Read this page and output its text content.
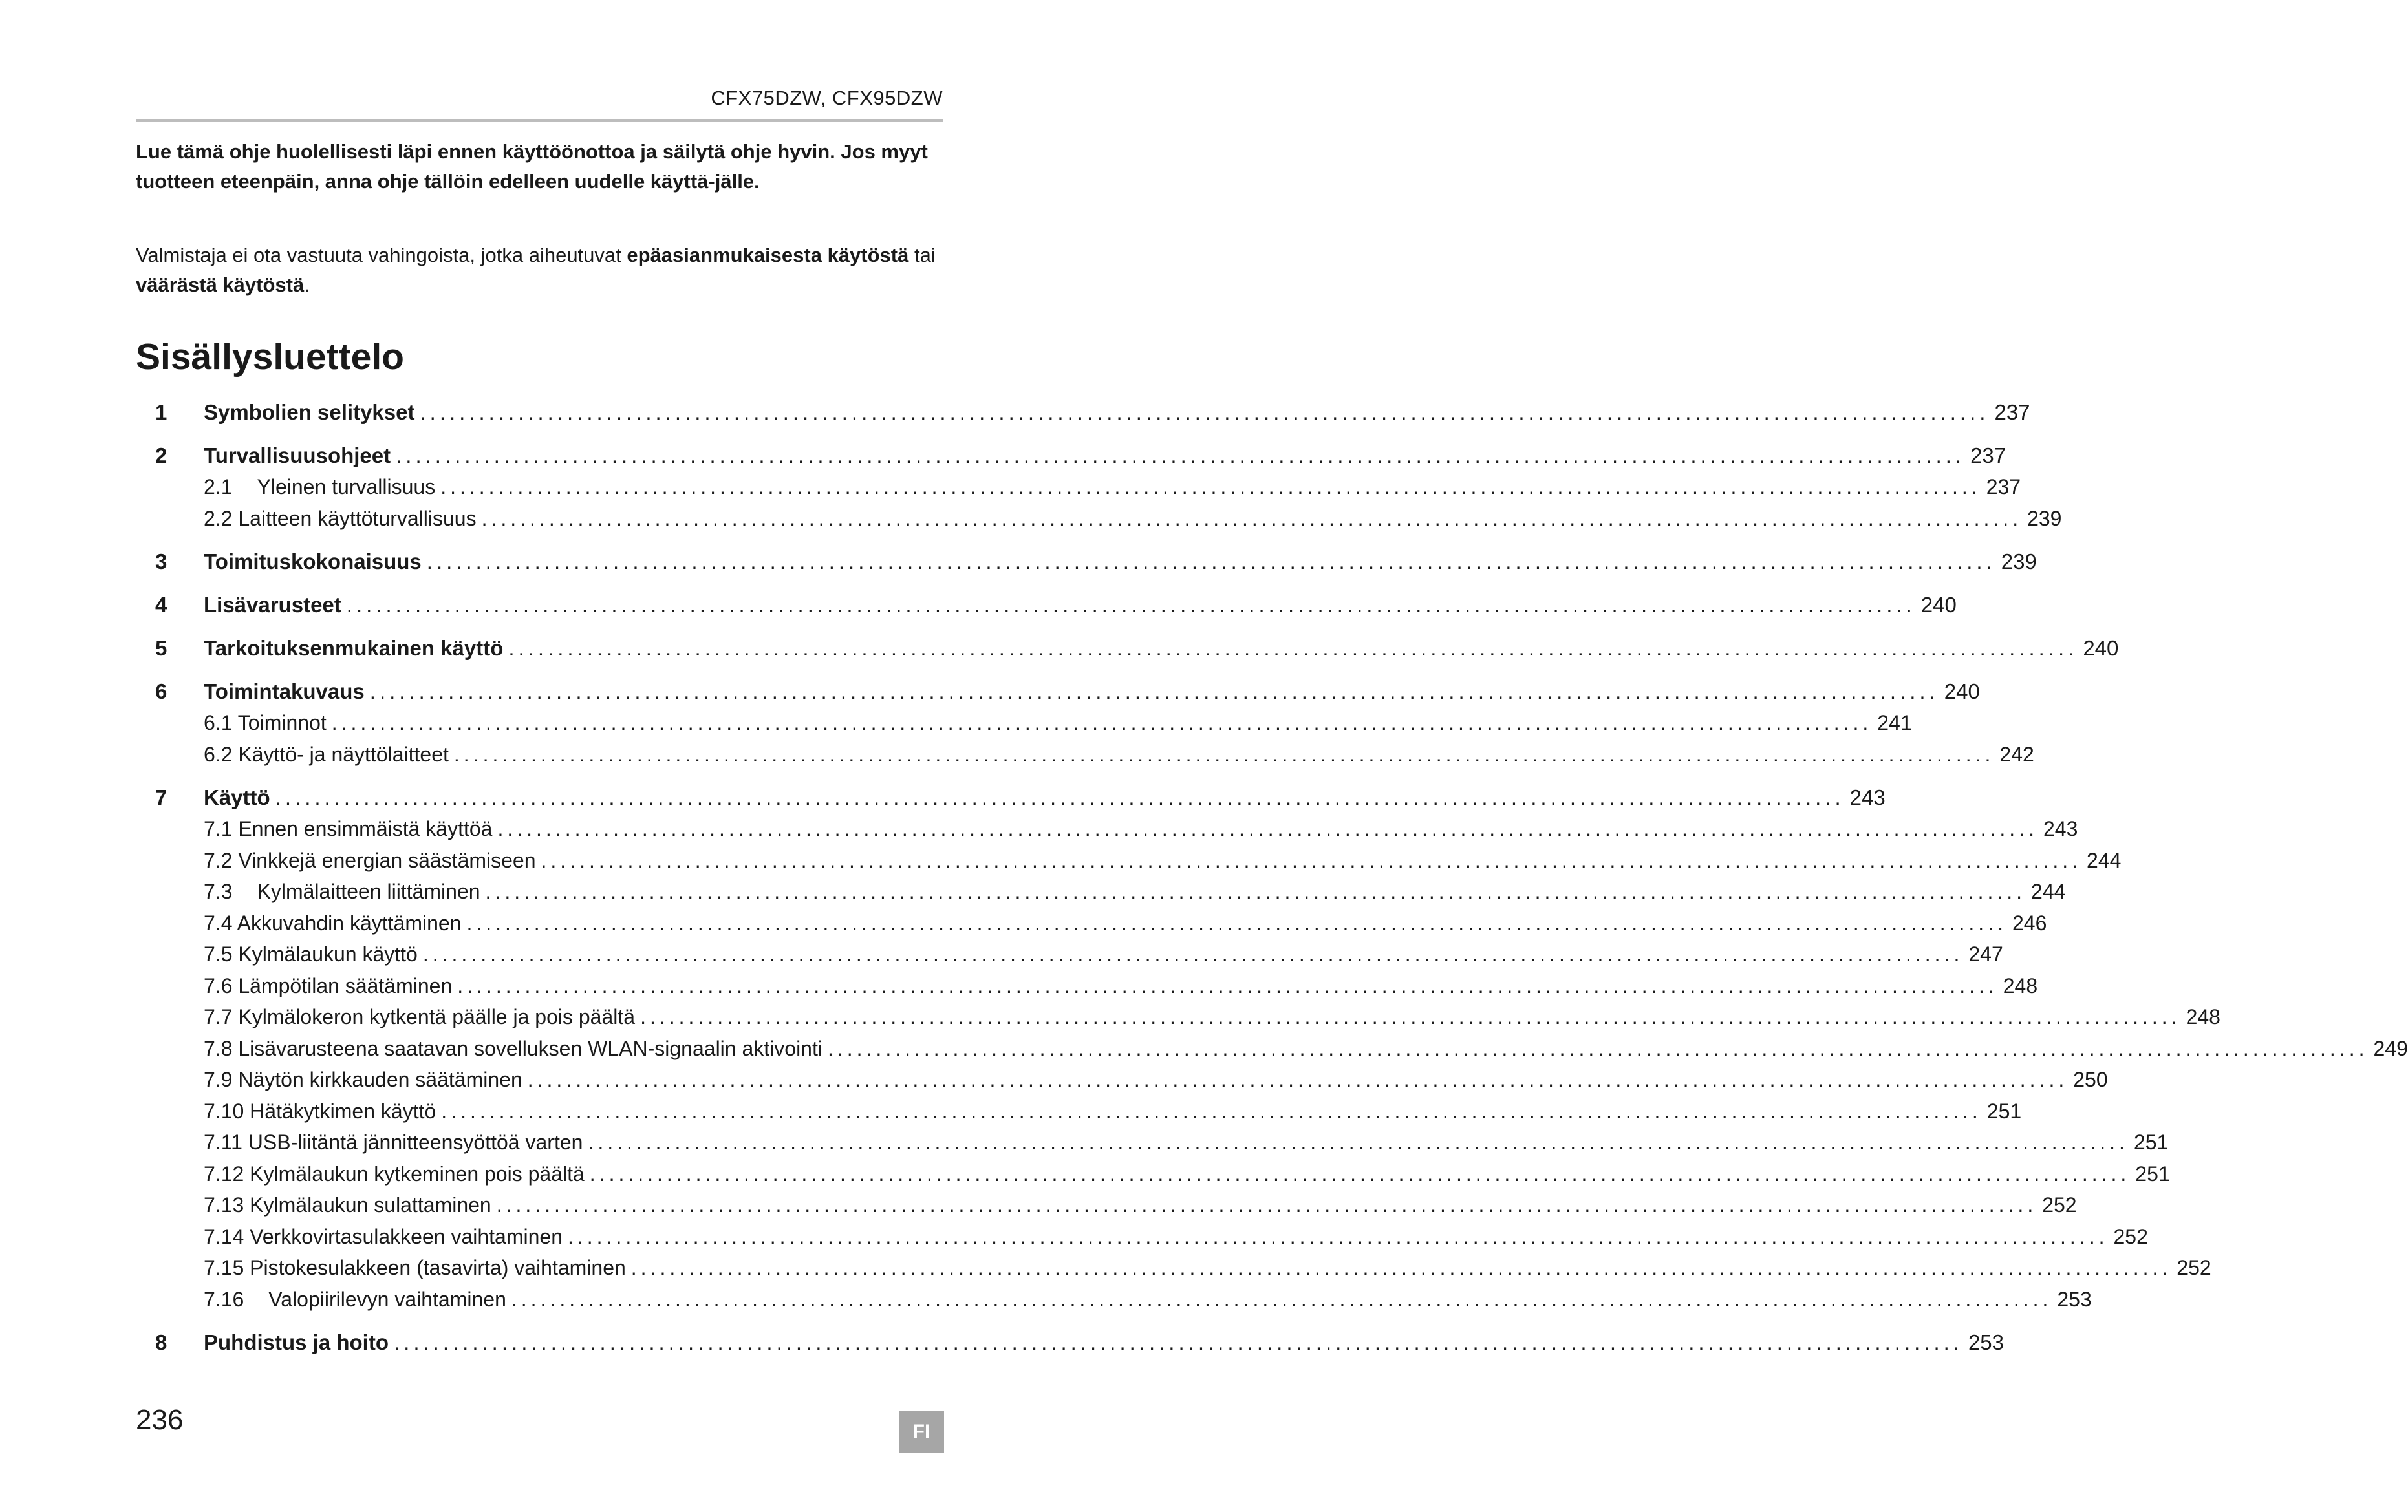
CFX75DZW, CFX95DZW

Lue tämä ohje huolellisesti läpi ennen käyttöönottoa ja säilytä ohje hyvin. Jos myyt tuotteen eteenpäin, anna ohje tällöin edelleen uudelle käyttä-jälle.

Valmistaja ei ota vastuuta vahingoista, jotka aiheutuvat epäasianmukaisesta käytöstä tai väärästä käytöstä.

Sisällysluettelo
1 Symbolien selitykset ................................................................................................................................................................ 237
2 Turvallisuusohjeet ................................................................................................................................................................ 237
2.1 Yleinen turvallisuus ................................................................................................................................................................ 237
2.2 Laitteen käyttöturvallisuus ................................................................................................................................................................ 239
3 Toimituskokonaisuus ................................................................................................................................................................ 239
4 Lisävarusteet ................................................................................................................................................................ 240
5 Tarkoituksenmukainen käyttö ................................................................................................................................................................ 240
6 Toimintakuvaus ................................................................................................................................................................ 240
6.1 Toiminnot ................................................................................................................................................................ 241
6.2 Käyttö- ja näyttölaitteet ................................................................................................................................................................ 242
7 Käyttö ................................................................................................................................................................ 243
7.1 Ennen ensimmäistä käyttöä ................................................................................................................................................................ 243
7.2 Vinkkejä energian säästämiseen ................................................................................................................................................................ 244
7.3 Kylmälaitteen liittäminen ................................................................................................................................................................ 244
7.4 Akkuvahdin käyttäminen ................................................................................................................................................................ 246
7.5 Kylmälaukun käyttö ................................................................................................................................................................ 247
7.6 Lämpötilan säätäminen ................................................................................................................................................................ 248
7.7 Kylmälokeron kytkentä päälle ja pois päältä ................................................................................................................................................................ 248
7.8 Lisävarusteena saatavan sovelluksen WLAN-signaalin aktivointi ................................................................................................................................................................ 249
7.9 Näytön kirkkauden säätäminen ................................................................................................................................................................ 250
7.10 Hätäkytkimen käyttö ................................................................................................................................................................ 251
7.11 USB-liitäntä jännitteensyöttöä varten ................................................................................................................................................................ 251
7.12 Kylmälaukun kytkeminen pois päältä ................................................................................................................................................................ 251
7.13 Kylmälaukun sulattaminen ................................................................................................................................................................ 252
7.14 Verkkovirtasulakkeen vaihtaminen ................................................................................................................................................................ 252
7.15 Pistokesulakkeen (tasavirta) vaihtaminen ................................................................................................................................................................ 252
7.16 Valopiirilevyn vaihtaminen ................................................................................................................................................................ 253
8 Puhdistus ja hoito ................................................................................................................................................................ 253
236	FI
